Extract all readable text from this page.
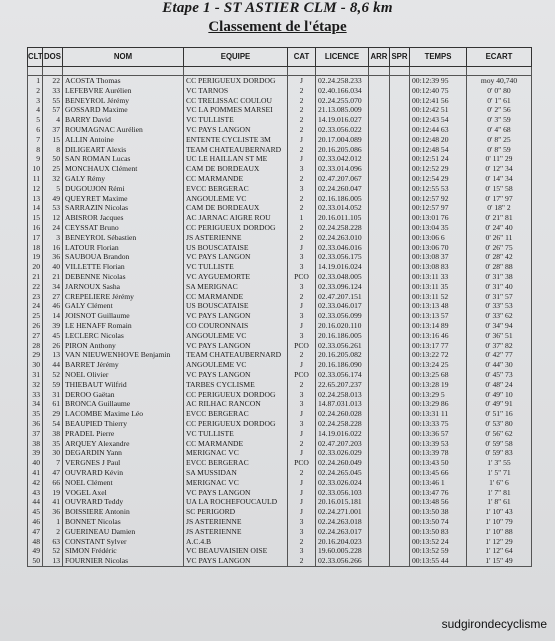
Etape 1 - ST ASTIER CLM - 8,6 km
Classement de l'étape
CLT	DOS	NOM	EQUIPE	CAT	LICENCE	ARR	SPR	TEMPS	ECART

1	22	ACOSTA Thomas	CC PERIGUEUX DORDOG	J	02.24.258.233			00:12:39 95	moy 40,740
2	33	LEFEBVRE Aurélien	VC TARNOS	2	02.40.166.034			00:12:40 75	0' 0" 80
3	55	BENEYROL Jérémy	CC TRELISSAC COULOU	2	02.24.255.070			00:12:41 56	0' 1" 61
4	57	GOSSARD Maxime	VC LA POMMES MARSEI	2	21.13.085.009			00:12:42 51	0' 2" 56
5	4	BARRY David	VC TULLISTE	2	14.19.016.027			00:12:43 54	0' 3" 59
6	37	ROUMAGNAC Aurélien	VC PAYS LANGON	2	02.33.056.022			00:12:44 63	0' 4" 68
7	15	ALLIN Antoine	ENTENTE CYCLISTE 3M	J	20.17.004.089			00:12:48 20	0' 8" 25
8	8	DILIGEART Alexis	TEAM CHATEAUBERNARD	2	20.16.205.086			00:12:48 54	0' 8" 59
9	50	SAN ROMAN Lucas	UC LE HAILLAN ST ME	J	02.33.042.012			00:12:51 24	0' 11" 29
10	25	MONCHAUX Clément	CAM DE BORDEAUX	3	02.33.014.096			00:12:52 29	0' 12" 34
11	32	GALY Rémy	CC MARMANDE	2	02.47.207.067			00:12:54 29	0' 14" 34
12	5	DUGOUJON Rémi	EVCC BERGERAC	3	02.24.260.047			00:12:55 53	0' 15" 58
13	49	QUEYRET Maxime	ANGOULEME VC	2	02.16.186.005			00:12:57 92	0' 17" 97
14	53	SARRAZIN Nicolas	CAM DE BORDEAUX	2	02.33.014.052			00:12:57 97	0' 18" 2
15	12	ABISROR Jacques	AC JARNAC AIGRE ROU	1	20.16.011.105			00:13:01 76	0' 21" 81
16	24	CEYSSAT Bruno	CC PERIGUEUX DORDOG	2	02.24.258.228			00:13:04 35	0' 24" 40
17	3	BENEYROL Sébastien	JS ASTERIENNE	2	02.24.263.010			00:13:06 6	0' 26" 11
18	16	LATOUR Florian	US BOUSCATAISE	J	02.33.046.016			00:13:06 70	0' 26" 75
19	36	SAUBOUA Brandon	VC PAYS LANGON	3	02.33.056.175			00:13:08 37	0' 28" 42
20	40	VILLETTE Florian	VC TULLISTE	3	14.19.016.024			00:13:08 83	0' 28" 88
21	21	DEBENNE Nicolas	VC AYGUEMORTE	PCO	02.33.048.005			00:13:11 33	0' 31" 38
22	34	JARNOUX Sasha	SA MERIGNAC	3	02.33.096.124			00:13:11 35	0' 31" 40
23	27	CREPELIERE Jérémy	CC MARMANDE	2	02.47.207.151			00:13:11 52	0' 31" 57
24	46	GALY Clément	US BOUSCATAISE	J	02.33.046.017			00:13:13 48	0' 33" 53
25	14	JOISNOT Guillaume	VC PAYS LANGON	3	02.33.056.099			00:13:13 57	0' 33" 62
26	39	LE HENAFF Romain	CO COURONNAIS	J	20.16.020.110			00:13:14 89	0' 34" 94
27	45	LECLERC Nicolas	ANGOULEME VC	3	20.16.186.005			00:13:16 46	0' 36" 51
28	26	PIRON Anthony	VC PAYS LANGON	PCO	02.33.056.261			00:13:17 77	0' 37" 82
29	13	VAN NIEUWENHOVE Benjamin	TEAM CHATEAUBERNARD	2	20.16.205.082			00:13:22 72	0' 42" 77
30	44	BARRET Jérémy	ANGOULEME VC	J	20.16.186.090			00:13:24 25	0' 44" 30
31	52	NOEL Olivier	VC PAYS LANGON	PCO	02.33.056.174			00:13:25 68	0' 45" 73
32	59	THIEBAUT Wilfrid	TARBES CYCLISME	2	22.65.207.237			00:13:28 19	0' 48" 24
33	31	DEROO Gaëtan	CC PERIGUEUX DORDOG	3	02.24.258.013			00:13:29 5	0' 49" 10
34	61	BRONCA Guillaume	AC RILHAC RANCON	3	14.87.031.013			00:13:29 86	0' 49" 91
35	29	LACOMBE Maxime Léo	EVCC BERGERAC	J	02.24.260.028			00:13:31 11	0' 51" 16
36	54	BEAUPIED Thierry	CC PERIGUEUX DORDOG	3	02.24.258.228			00:13:33 75	0' 53" 80
37	38	PRADEL Pierre	VC TULLISTE	J	14.19.016.022			00:13:36 57	0' 56" 62
38	35	ARQUEY Alexandre	CC MARMANDE	2	02.47.207.203			00:13:39 53	0' 59" 58
39	30	DEGARDIN Yann	MERIGNAC VC	J	02.33.026.029			00:13:39 78	0' 59" 83
40	7	VERGNES J Paul	EVCC BERGERAC	PCO	02.24.260.049			00:13:43 50	1' 3" 55
41	47	OUVRARD Kévin	SA MUSSIDAN	2	02.24.265.045			00:13:45 66	1' 5" 71
42	66	NOEL Clément	MERIGNAC VC	J	02.33.026.024			00:13:46 1	1' 6" 6
43	19	VOGEL Axel	VC PAYS LANGON	J	02.33.056.103			00:13:47 76	1' 7" 81
44	41	OUVRARD Teddy	UA LA ROCHEFOUCAULD	J	20.16.015.181			00:13:48 56	1' 8" 61
45	36	BOISSIERE Antonin	SC PERIGORD	J	02.24.271.001			00:13:50 38	1' 10" 43
46	1	BONNET Nicolas	JS ASTERIENNE	3	02.24.263.018			00:13:50 74	1' 10" 79
47	2	GUERINEAU Damien	JS ASTERIENNE	3	02.24.263.017			00:13:50 83	1' 10" 88
48	63	CONSTANT Sylver	A.C.4.B	2	20.16.204.023			00:13:52 24	1' 12" 29
49	52	SIMON Frédéric	VC BEAUVAISIEN OISE	3	19.60.005.228			00:13:52 59	1' 12" 64
50	13	FOURNIER Nicolas	VC PAYS LANGON	2	02.33.056.266			00:13:55 44	1' 15" 49
sudgirondecyclisme
